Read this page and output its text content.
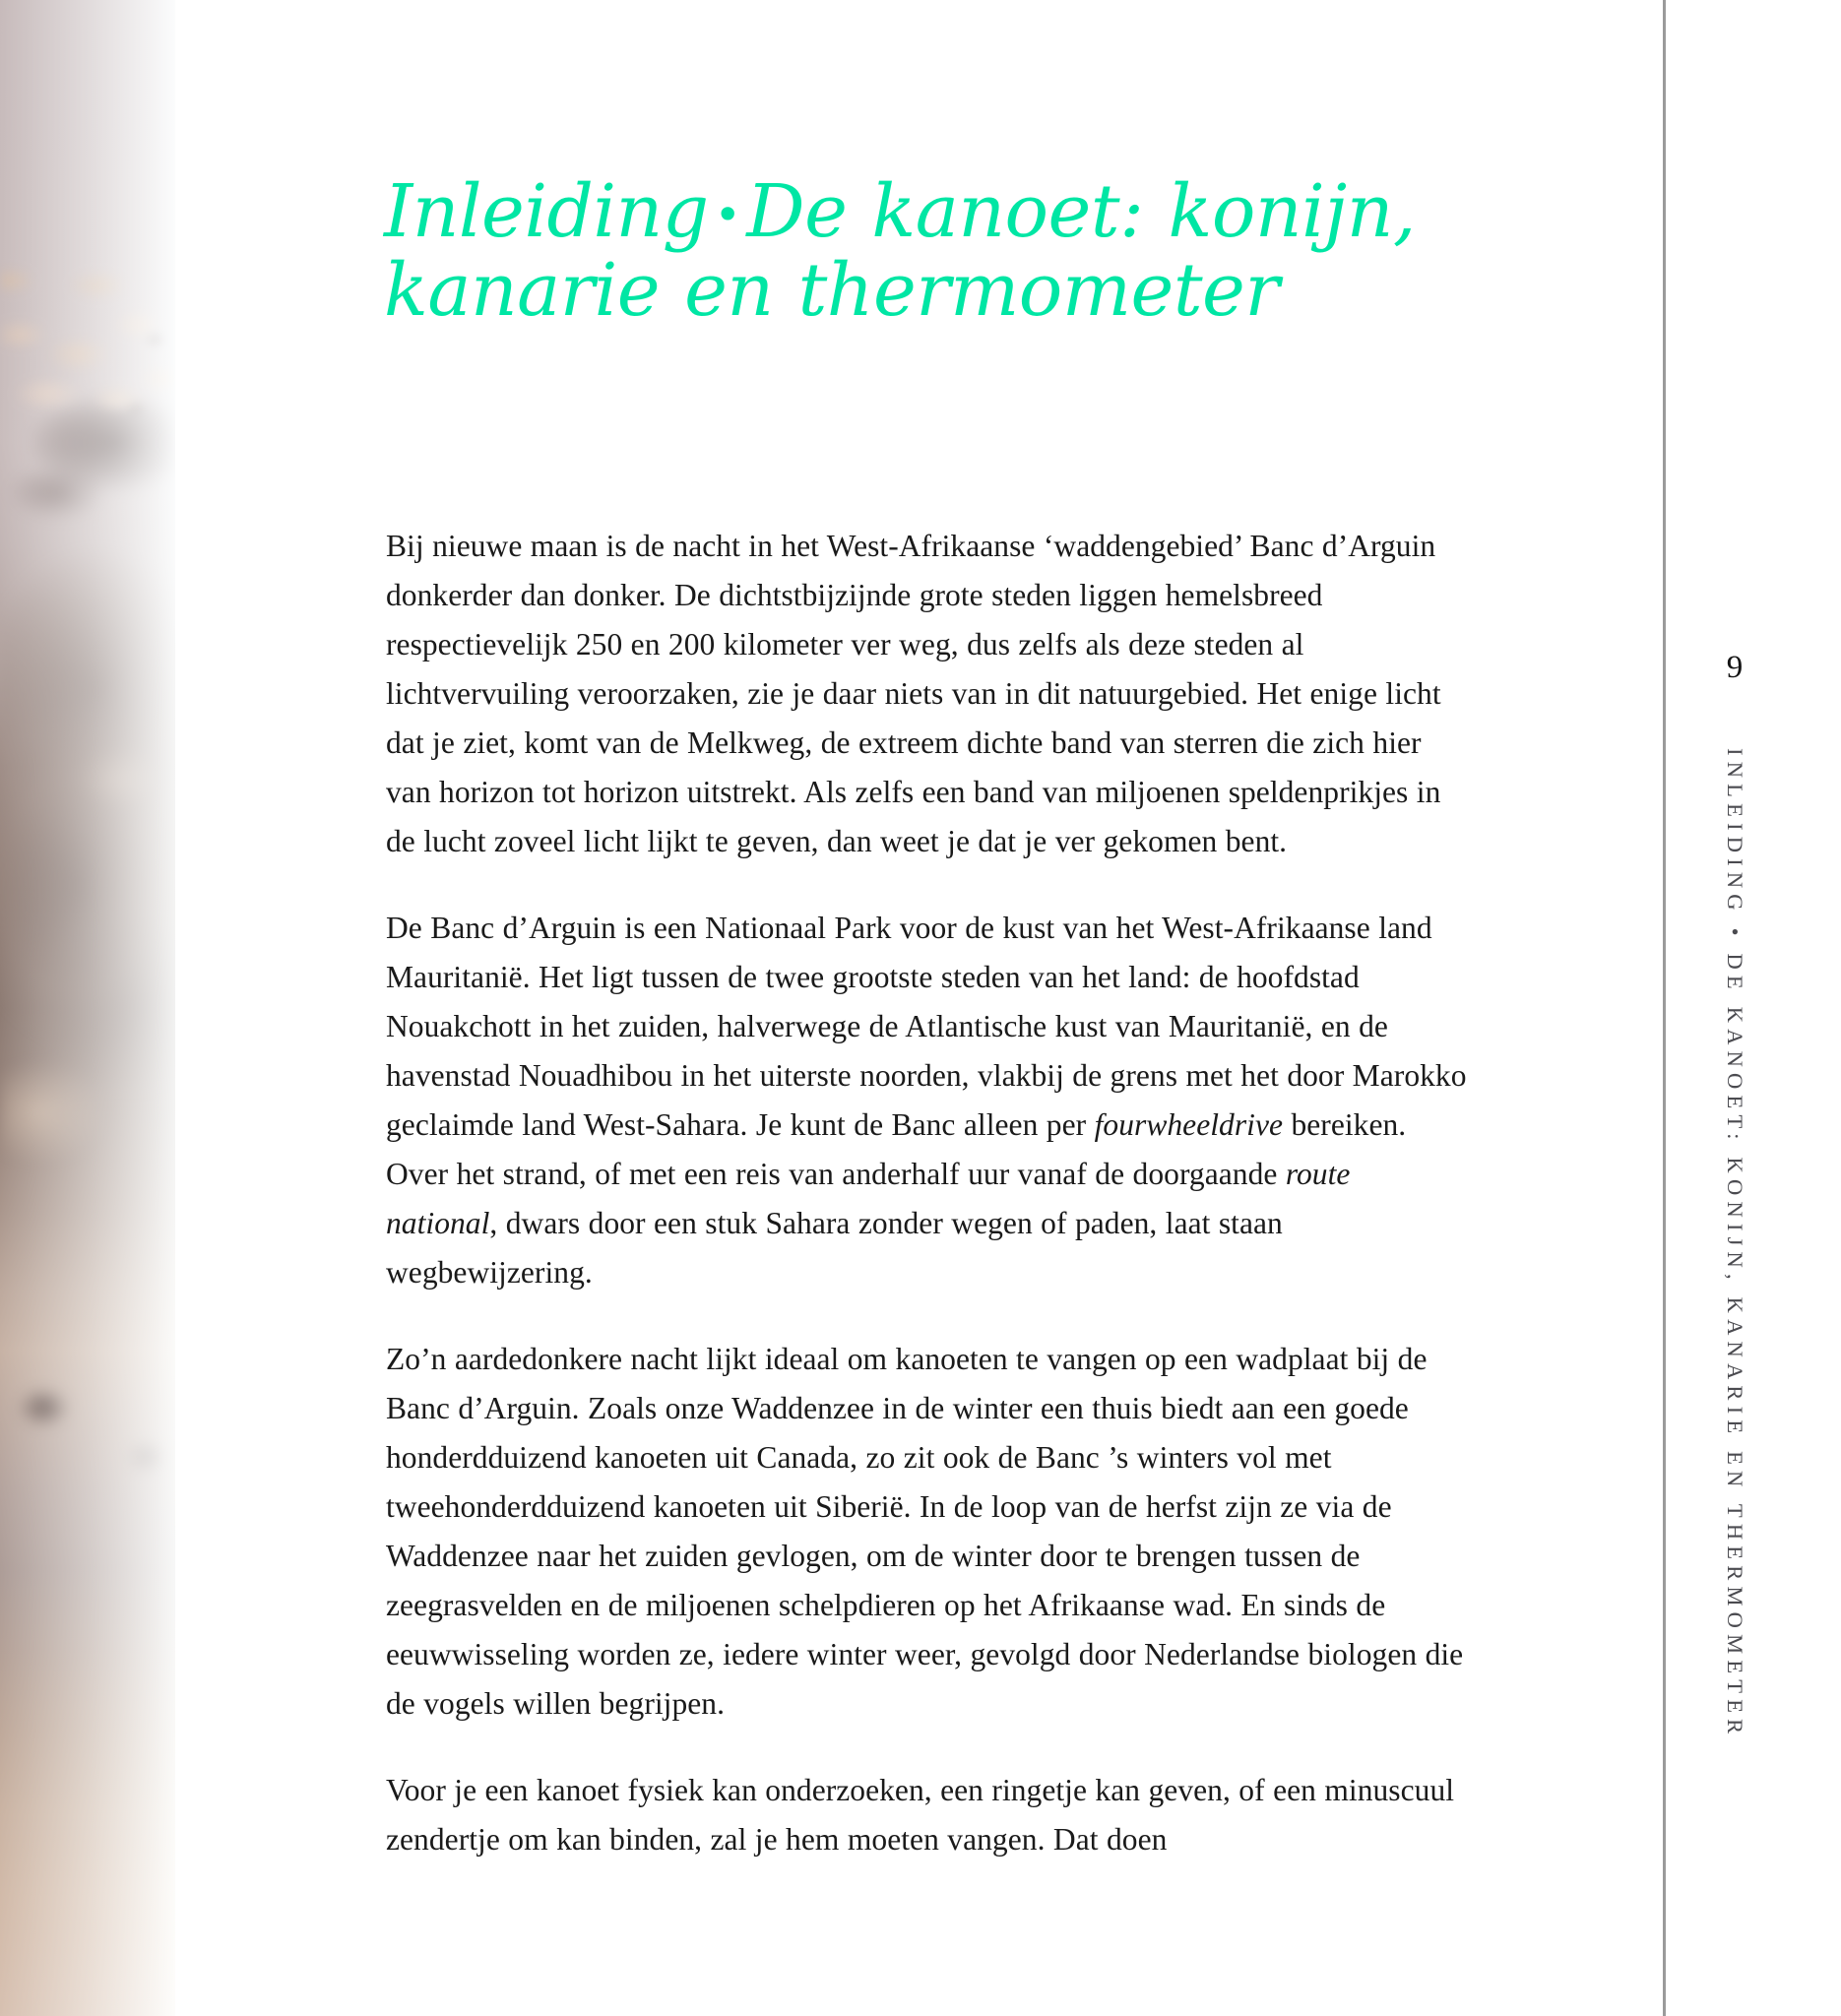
Inleiding •De kanoet: konijn, kanarie en thermometer

Bij nieuwe maan is de nacht in het West-Afrikaanse ‘waddengebied’ Banc d’Arguin donkerder dan donker. De dichtstbijzijnde grote steden liggen hemelsbreed respectievelijk 250 en 200 kilometer ver weg, dus zelfs als deze steden al lichtvervuiling veroorzaken, zie je daar niets van in dit natuurgebied. Het enige licht dat je ziet, komt van de Melkweg, de extreem dichte band van sterren die zich hier van horizon tot horizon uitstrekt. Als zelfs een band van miljoenen speldenprikjes in de lucht zoveel licht lijkt te geven, dan weet je dat je ver gekomen bent.

De Banc d’Arguin is een Nationaal Park voor de kust van het West-Afrikaanse land Mauritanië. Het ligt tussen de twee grootste steden van het land: de hoofdstad Nouakchott in het zuiden, halverwege de Atlantische kust van Mauritanië, en de havenstad Nouadhibou in het uiterste noorden, vlakbij de grens met het door Marokko geclaimde land West-Sahara. Je kunt de Banc alleen per fourwheeldrive bereiken. Over het strand, of met een reis van anderhalf uur vanaf de doorgaande route national, dwars door een stuk Sahara zonder wegen of paden, laat staan wegbewijzering.

Zo’n aardedonkere nacht lijkt ideaal om kanoeten te vangen op een wadplaat bij de Banc d’Arguin. Zoals onze Waddenzee in de winter een thuis biedt aan een goede honderdduizend kanoeten uit Canada, zo zit ook de Banc ’s winters vol met tweehonderdduizend kanoeten uit Siberië. In de loop van de herfst zijn ze via de Waddenzee naar het zuiden gevlogen, om de winter door te brengen tussen de zeegrasvelden en de miljoenen schelpdieren op het Afrikaanse wad. En sinds de eeuwwisseling worden ze, iedere winter weer, gevolgd door Nederlandse biologen die de vogels willen begrijpen.

Voor je een kanoet fysiek kan onderzoeken, een ringetje kan geven, of een minuscuul zendertje om kan binden, zal je hem moeten vangen. Dat doen

9
INLEIDING • DE KANOET: KONIJN, KANARIE EN THERMOMETER
